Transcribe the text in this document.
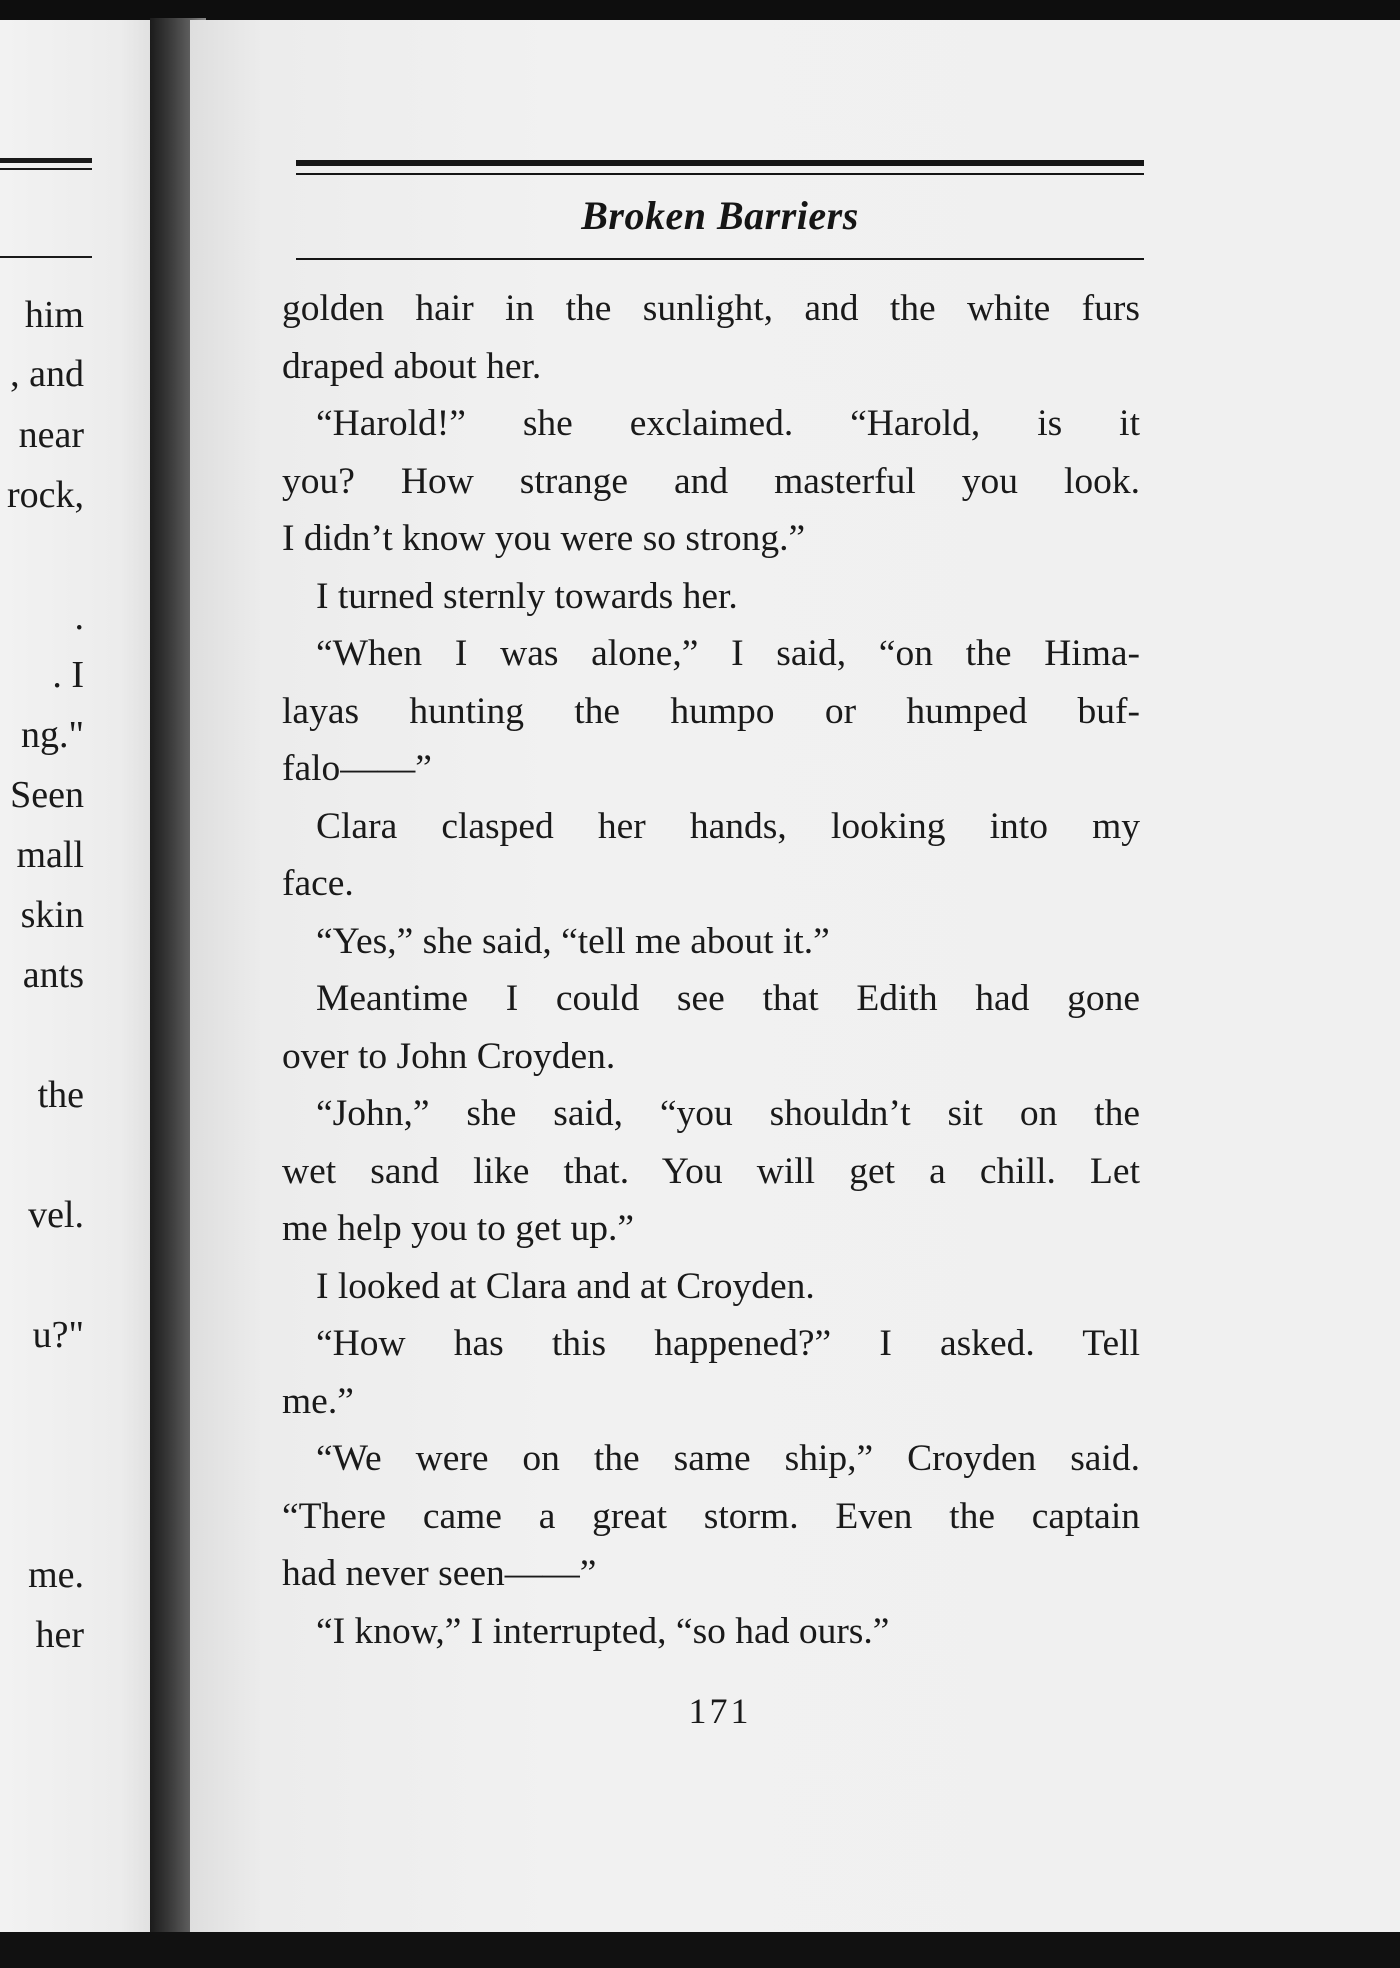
him
, and
near
rock,
.
. I
ng."
Seen
mall
skin
ants
the
vel.
u?"
me.
her
Broken Barriers
golden hair in the sunlight, and the white furs
draped about her.
“Harold!” she exclaimed. “Harold, is it
you? How strange and masterful you look.
I didn’t know you were so strong.”
I turned sternly towards her.
“When I was alone,” I said, “on the Hima-
layas hunting the humpo or humped buf-
falo——”
Clara clasped her hands, looking into my
face.
“Yes,” she said, “tell me about it.”
Meantime I could see that Edith had gone
over to John Croyden.
“John,” she said, “you shouldn’t sit on the
wet sand like that. You will get a chill. Let
me help you to get up.”
I looked at Clara and at Croyden.
“How has this happened?” I asked. Tell
me.”
“We were on the same ship,” Croyden said.
“There came a great storm. Even the captain
had never seen——”
“I know,” I interrupted, “so had ours.”
171
